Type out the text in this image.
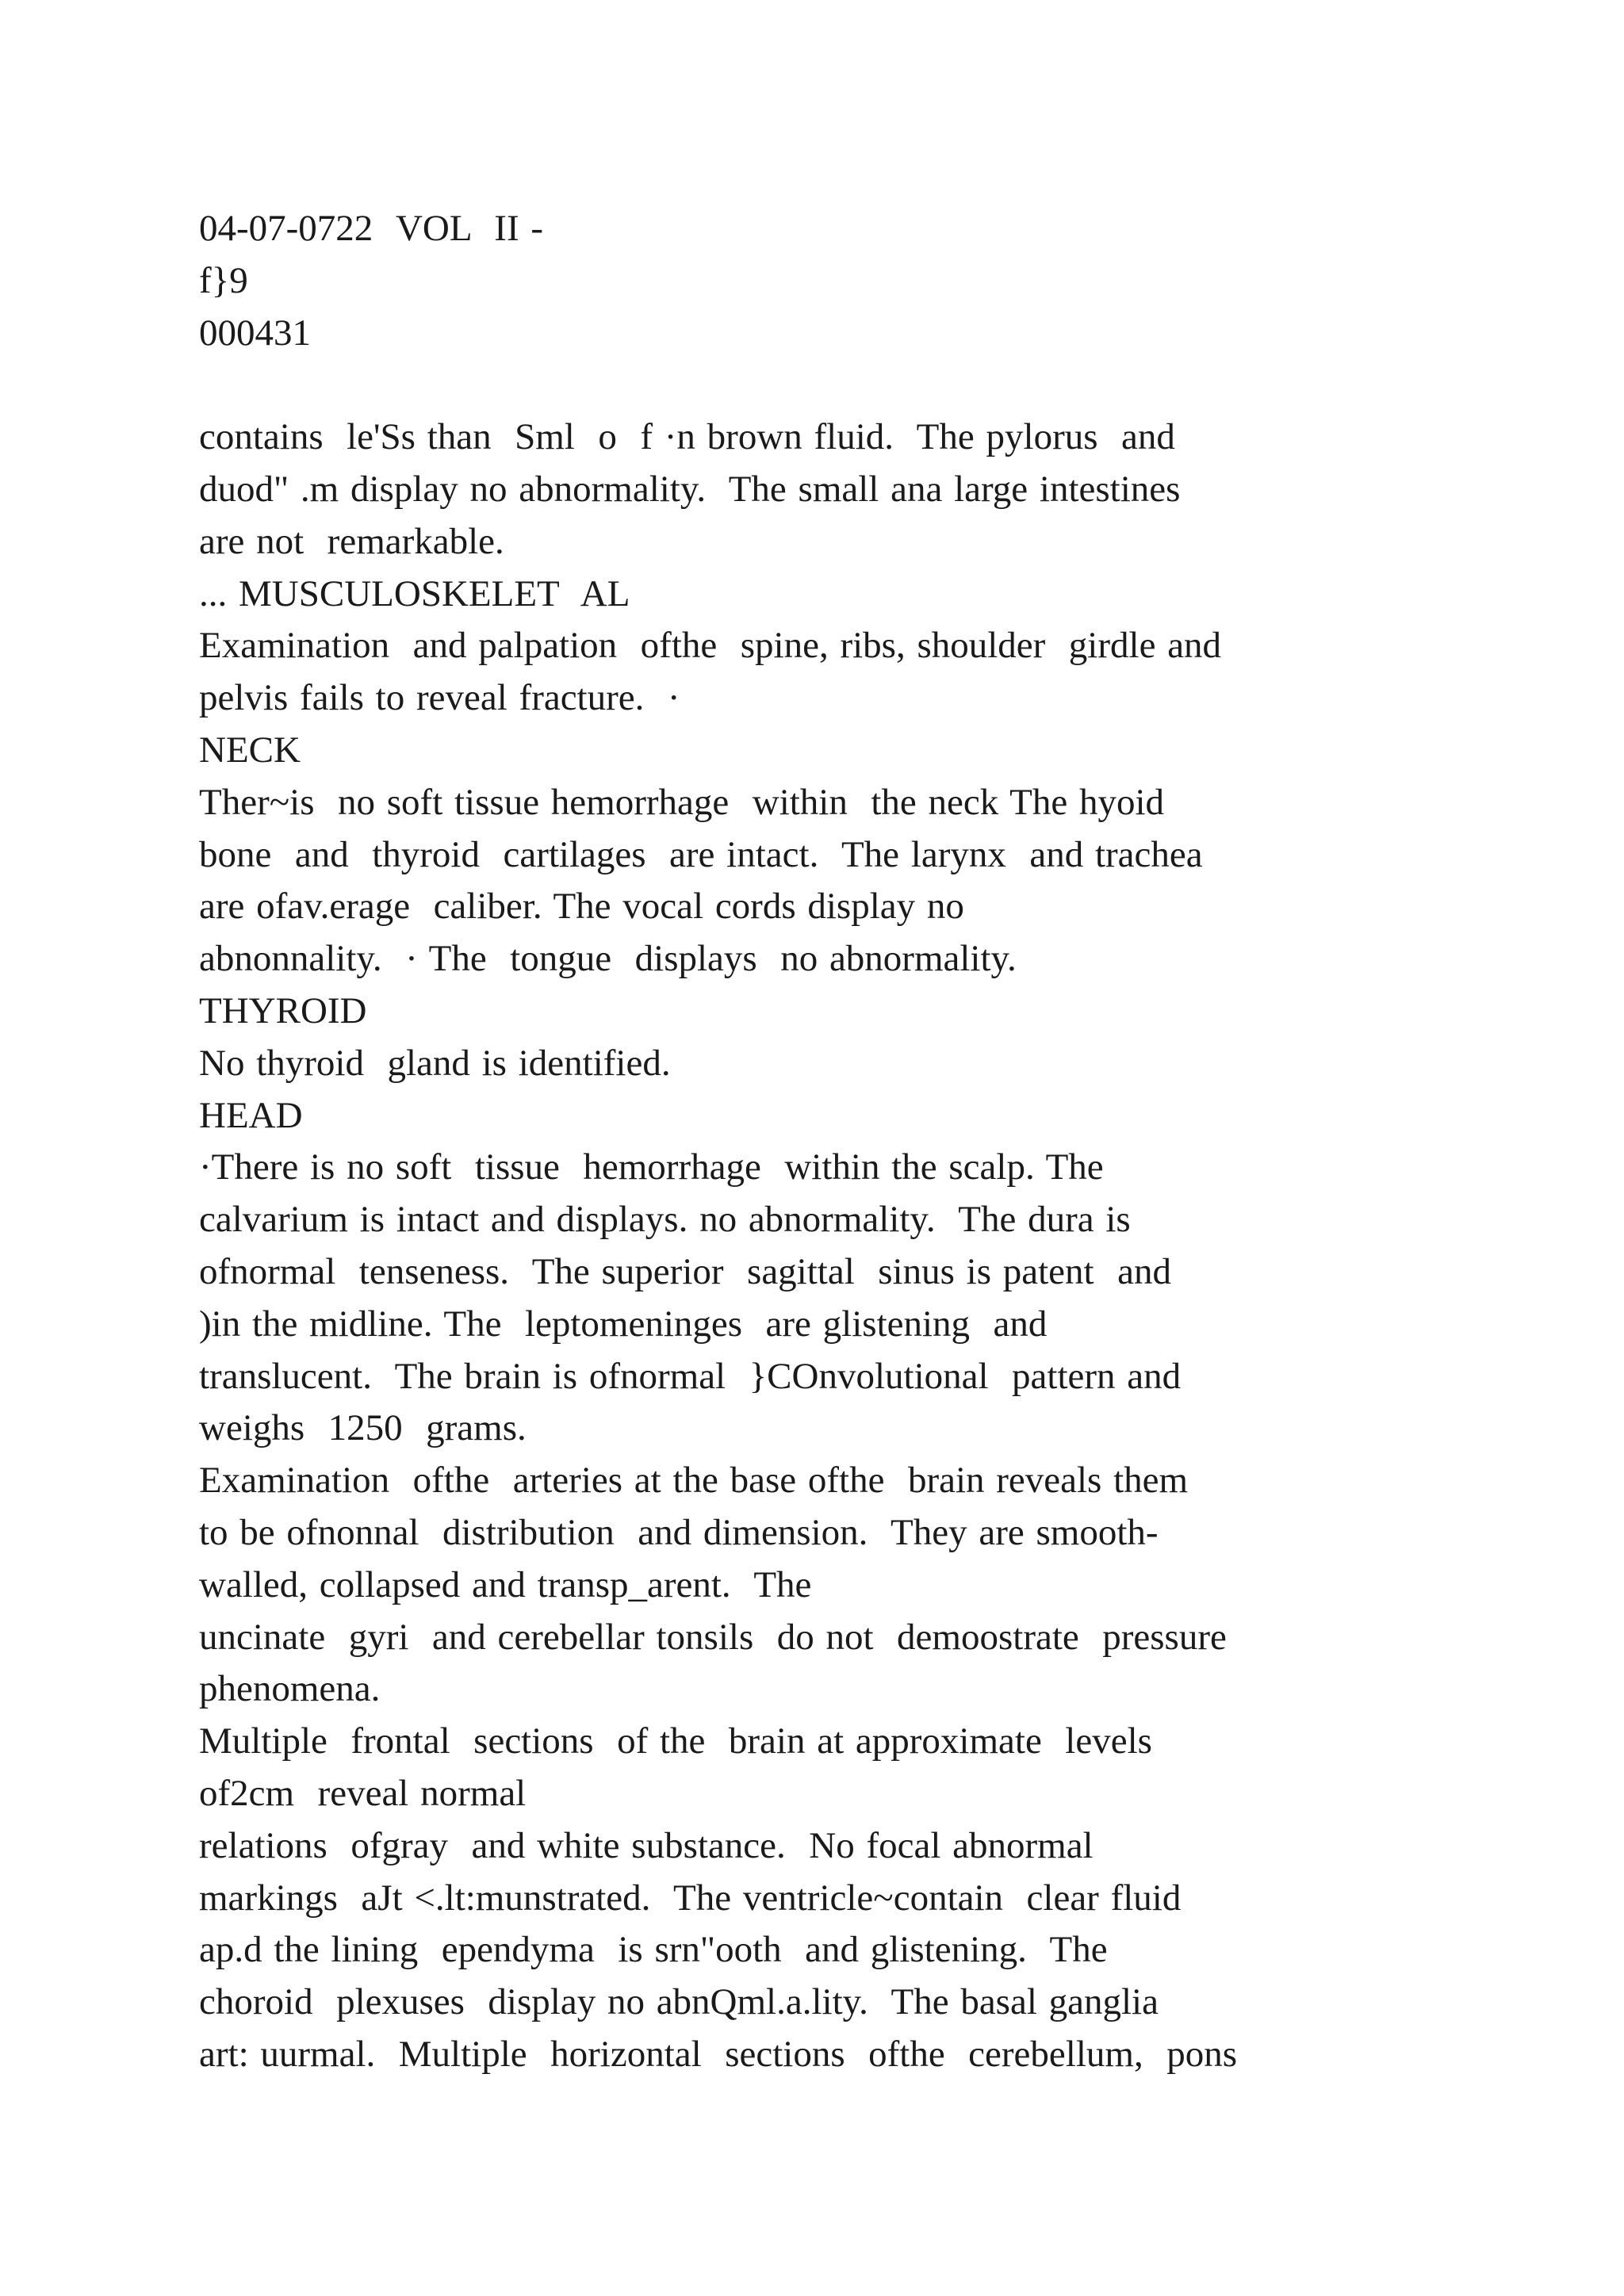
04-07-0722  VOL  II -
f}9
000431
contains  le'Ss than  Sml  o  f ·n brown fluid.  The pylorus  and
duod" .m display no abnormality.  The small ana large intestines
are not  remarkable.
... MUSCULOSKELET  AL
Examination  and palpation  ofthe  spine, ribs, shoulder  girdle and
pelvis fails to reveal fracture.  ·
NECK
Ther~is  no soft tissue hemorrhage  within  the neck The hyoid
bone  and  thyroid  cartilages  are intact.  The larynx  and trachea
are ofav.erage  caliber. The vocal cords display no
abnonnality.  · The  tongue  displays  no abnormality.
THYROID
No thyroid  gland is identified.
HEAD
·There is no soft  tissue  hemorrhage  within the scalp. The
calvarium is intact and displays. no abnormality.  The dura is
ofnormal  tenseness.  The superior  sagittal  sinus is patent  and
)in the midline. The  leptomeninges  are glistening  and
translucent.  The brain is ofnormal  }COnvolutional  pattern and
weighs  1250  grams.
Examination  ofthe  arteries at the base ofthe  brain reveals them
to be ofnonnal  distribution  and dimension.  They are smooth-
walled, collapsed and transp_arent.  The
uncinate  gyri  and cerebellar tonsils  do not  demoostrate  pressure
phenomena.
Multiple  frontal  sections  of the  brain at approximate  levels
of2cm  reveal normal
relations  ofgray  and white substance.  No focal abnormal
markings  aJt <.lt:munstrated.  The ventricle~contain  clear fluid
ap.d the lining  ependyma  is srn"ooth  and glistening.  The
choroid  plexuses  display no abnQml.a.lity.  The basal ganglia
art: uurmal.  Multiple  horizontal  sections  ofthe  cerebellum,  pons
